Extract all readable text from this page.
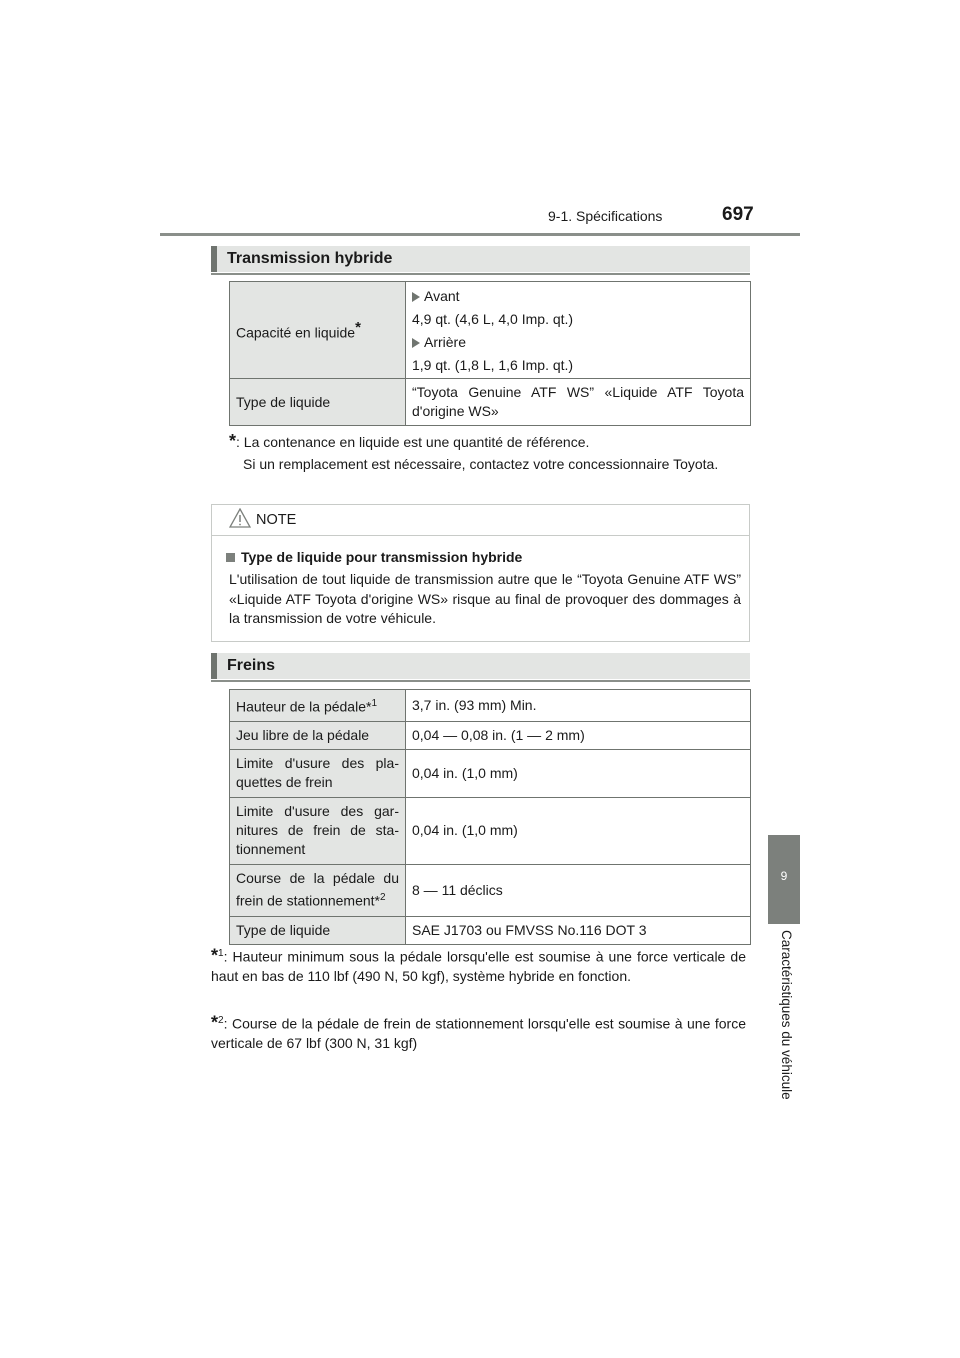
9-1. Spécifications	697
9
Caractéristiques du véhicule
Transmission hybride
Capacité en liquide*	Avant
4,9 qt. (4,6 L, 4,0 Imp. qt.)
Arrière
1,9 qt. (1,8 L, 1,6 Imp. qt.)

Type de liquide	“Toyota Genuine ATF WS” «Liquide ATF Toyota d'origine WS»
*: La contenance en liquide est une quantité de référence.
Si un remplacement est nécessaire, contactez votre concessionnaire Toyota.
NOTE
Type de liquide pour transmission hybride
L'utilisation de tout liquide de transmission autre que le “Toyota Genuine ATF WS” «Liquide ATF Toyota d'origine WS» risque au final de provoquer des dommages à la transmission de votre véhicule.
Freins
Hauteur de la pédale*$^1$	3,7 in. (93 mm) Min.
Jeu libre de la pédale	0,04 — 0,08 in. (1 — 2 mm)
Limite d'usure des pla-quettes de frein	0,04 in. (1,0 mm)
Limite d'usure des gar-nitures de frein de sta-tionnement	0,04 in. (1,0 mm)
Course de la pédale du frein de stationnement*$^2$	8 — 11 déclics
Type de liquide	SAE J1703 ou FMVSS No.116 DOT 3
*$^1$: Hauteur minimum sous la pédale lorsqu'elle est soumise à une force verticale de haut en bas de 110 lbf (490 N, 50 kgf), système hybride en fonction.
*$^2$: Course de la pédale de frein de stationnement lorsqu'elle est soumise à une force verticale de 67 lbf (300 N, 31 kgf)
